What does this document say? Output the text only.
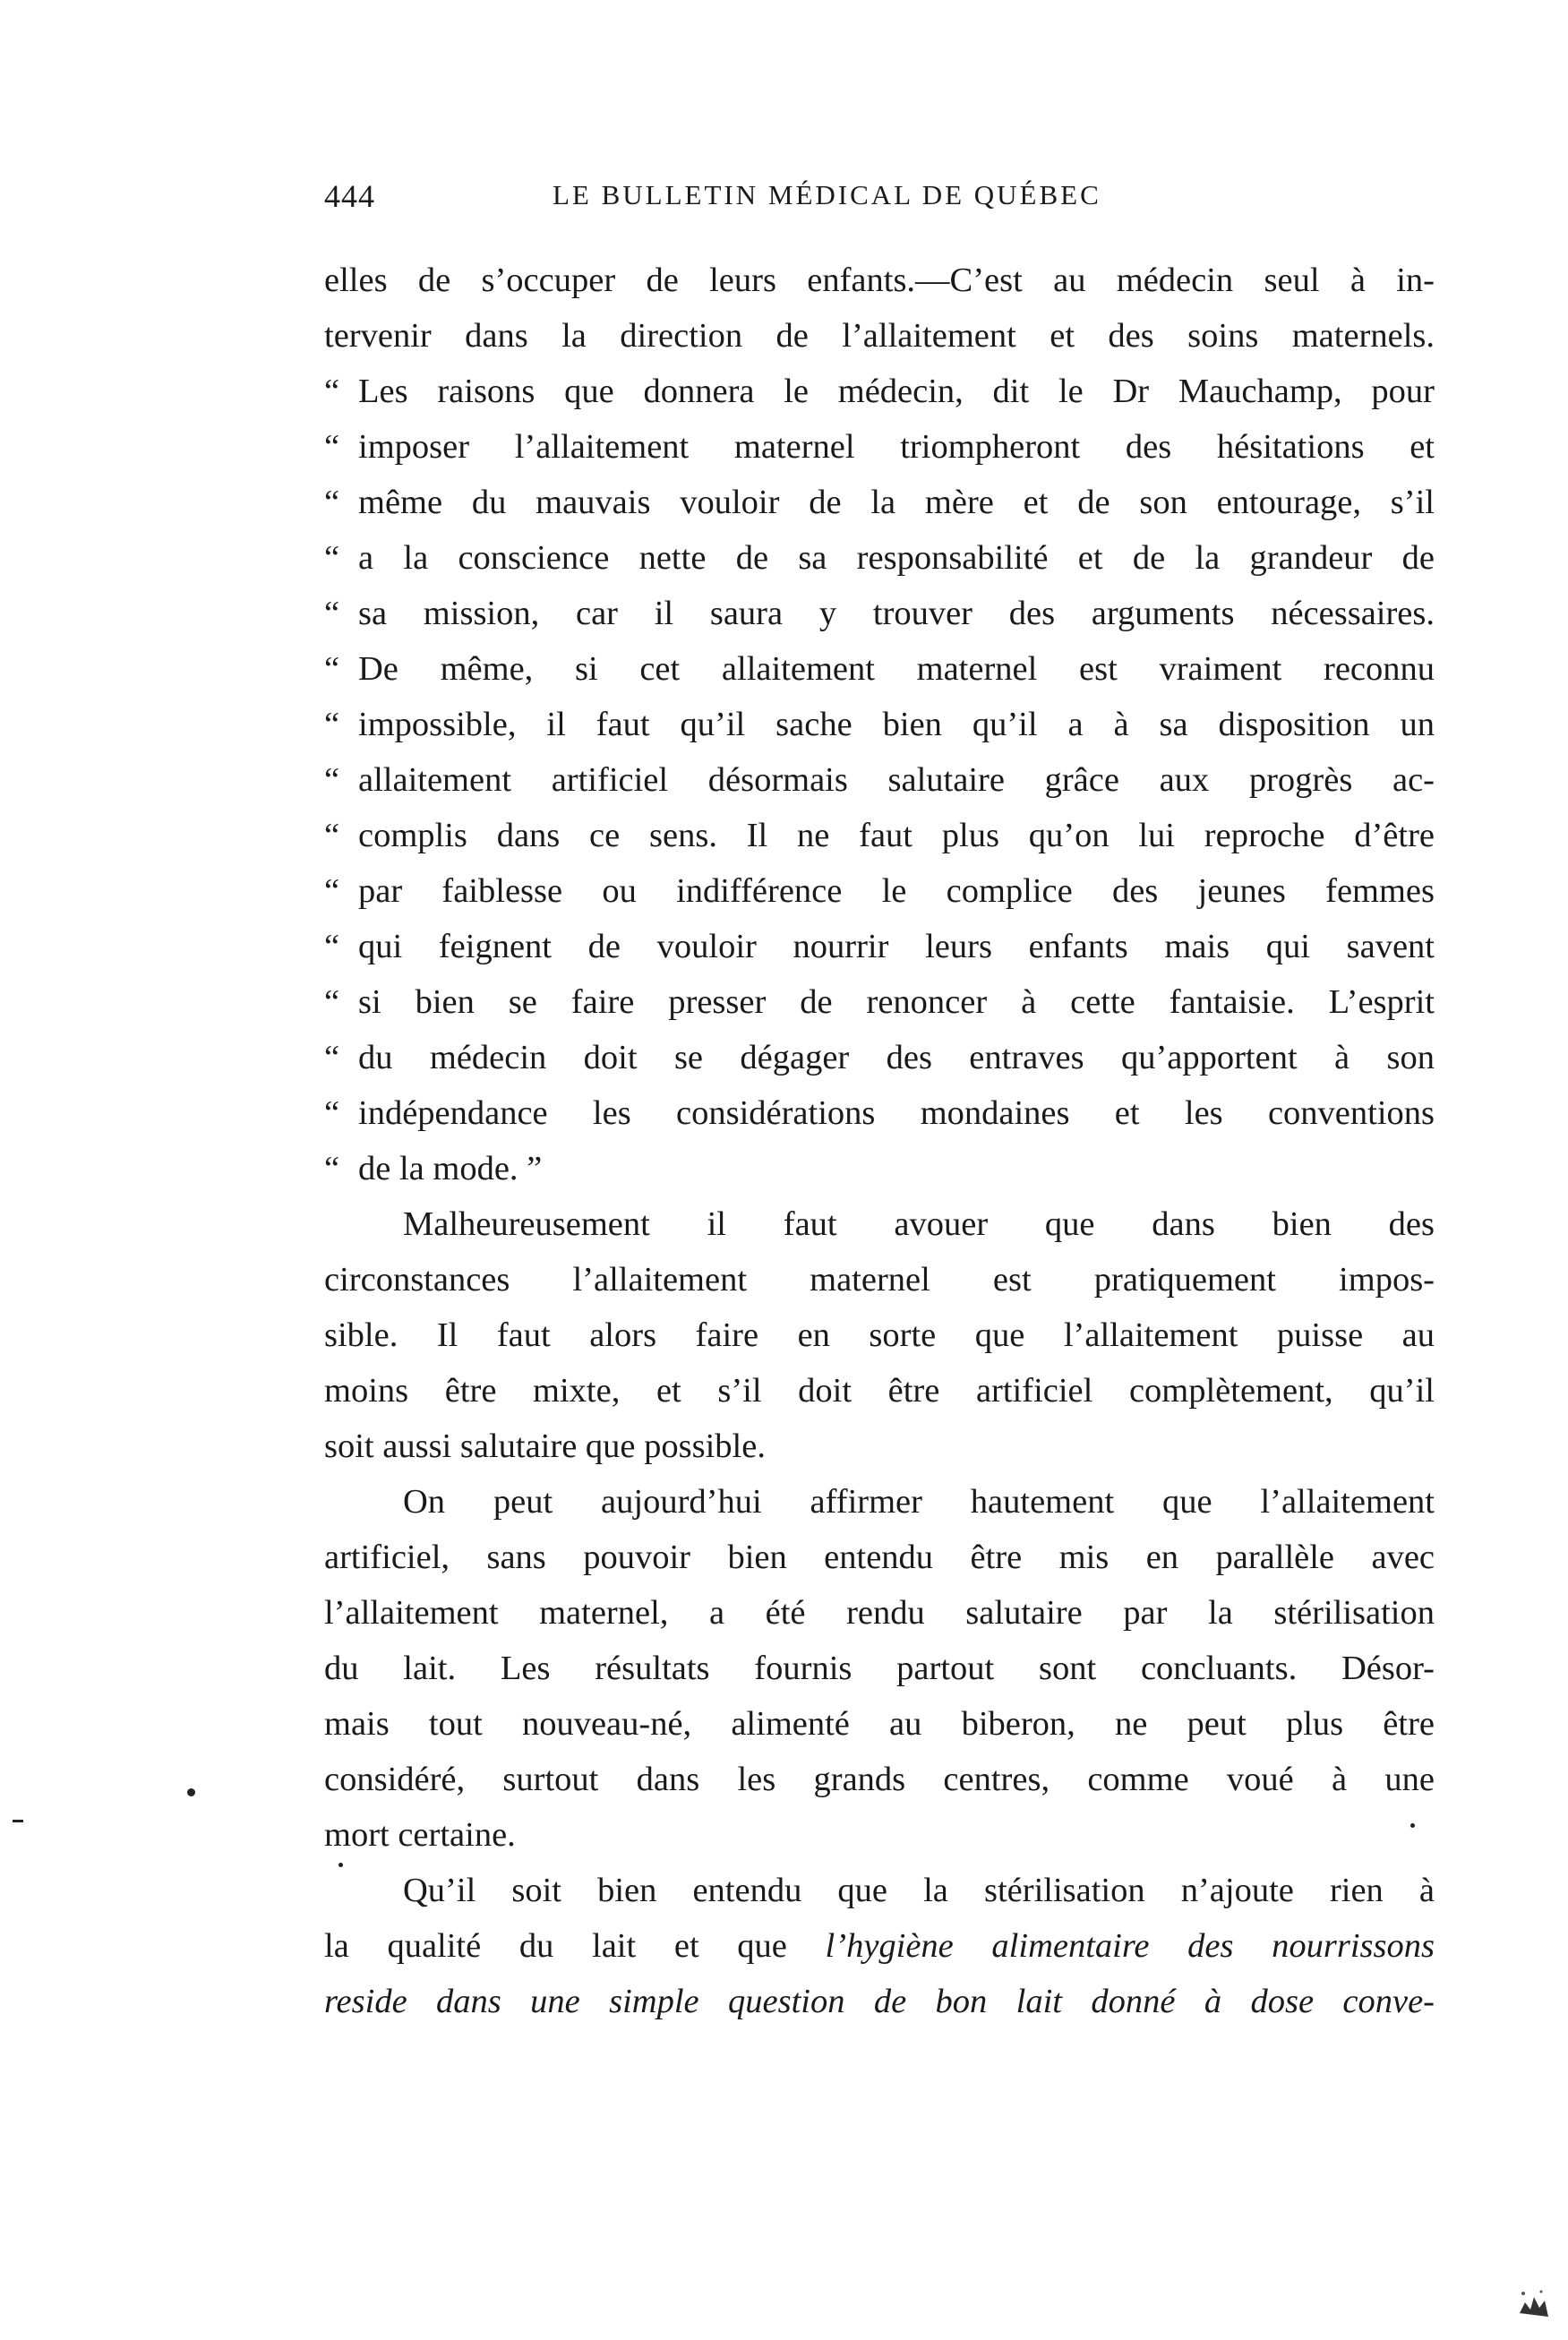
444	LE BULLETIN MÉDICAL DE QUÉBEC
elles de s’occuper de leurs enfants.—C’est au médecin seul à in-
tervenir dans la direction de l’allaitement et des soins maternels.
“ Les raisons que donnera le médecin, dit le Dr Mauchamp, pour
“ imposer l’allaitement maternel triompheront des hésitations et
“ même du mauvais vouloir de la mère et de son entourage, s’il
“ a la conscience nette de sa responsabilité et de la grandeur de
“ sa mission, car il saura y trouver des arguments nécessaires.
“ De même, si cet allaitement maternel est vraiment reconnu
“ impossible, il faut qu’il sache bien qu’il a à sa disposition un
“ allaitement artificiel désormais salutaire grâce aux progrès ac-
“ complis dans ce sens. Il ne faut plus qu’on lui reproche d’être
“ par faiblesse ou indifférence le complice des jeunes femmes
“ qui feignent de vouloir nourrir leurs enfants mais qui savent
“ si bien se faire presser de renoncer à cette fantaisie. L’esprit
“ du médecin doit se dégager des entraves qu’apportent à son
“ indépendance les considérations mondaines et les conventions
“ de la mode. ”
Malheureusement il faut avouer que dans bien des
circonstances l’allaitement maternel est pratiquement impos-
sible. Il faut alors faire en sorte que l’allaitement puisse au
moins être mixte, et s’il doit être artificiel complètement, qu’il
soit aussi salutaire que possible.
On peut aujourd’hui affirmer hautement que l’allaitement
artificiel, sans pouvoir bien entendu être mis en parallèle avec
l’allaitement maternel, a été rendu salutaire par la stérilisation
du lait. Les résultats fournis partout sont concluants. Désor-
mais tout nouveau-né, alimenté au biberon, ne peut plus être
considéré, surtout dans les grands centres, comme voué à une
mort certaine.
Qu’il soit bien entendu que la stérilisation n’ajoute rien à
la qualité du lait et que l’hygiène alimentaire des nourrissons
reside dans une simple question de bon lait donné à dose conve-
